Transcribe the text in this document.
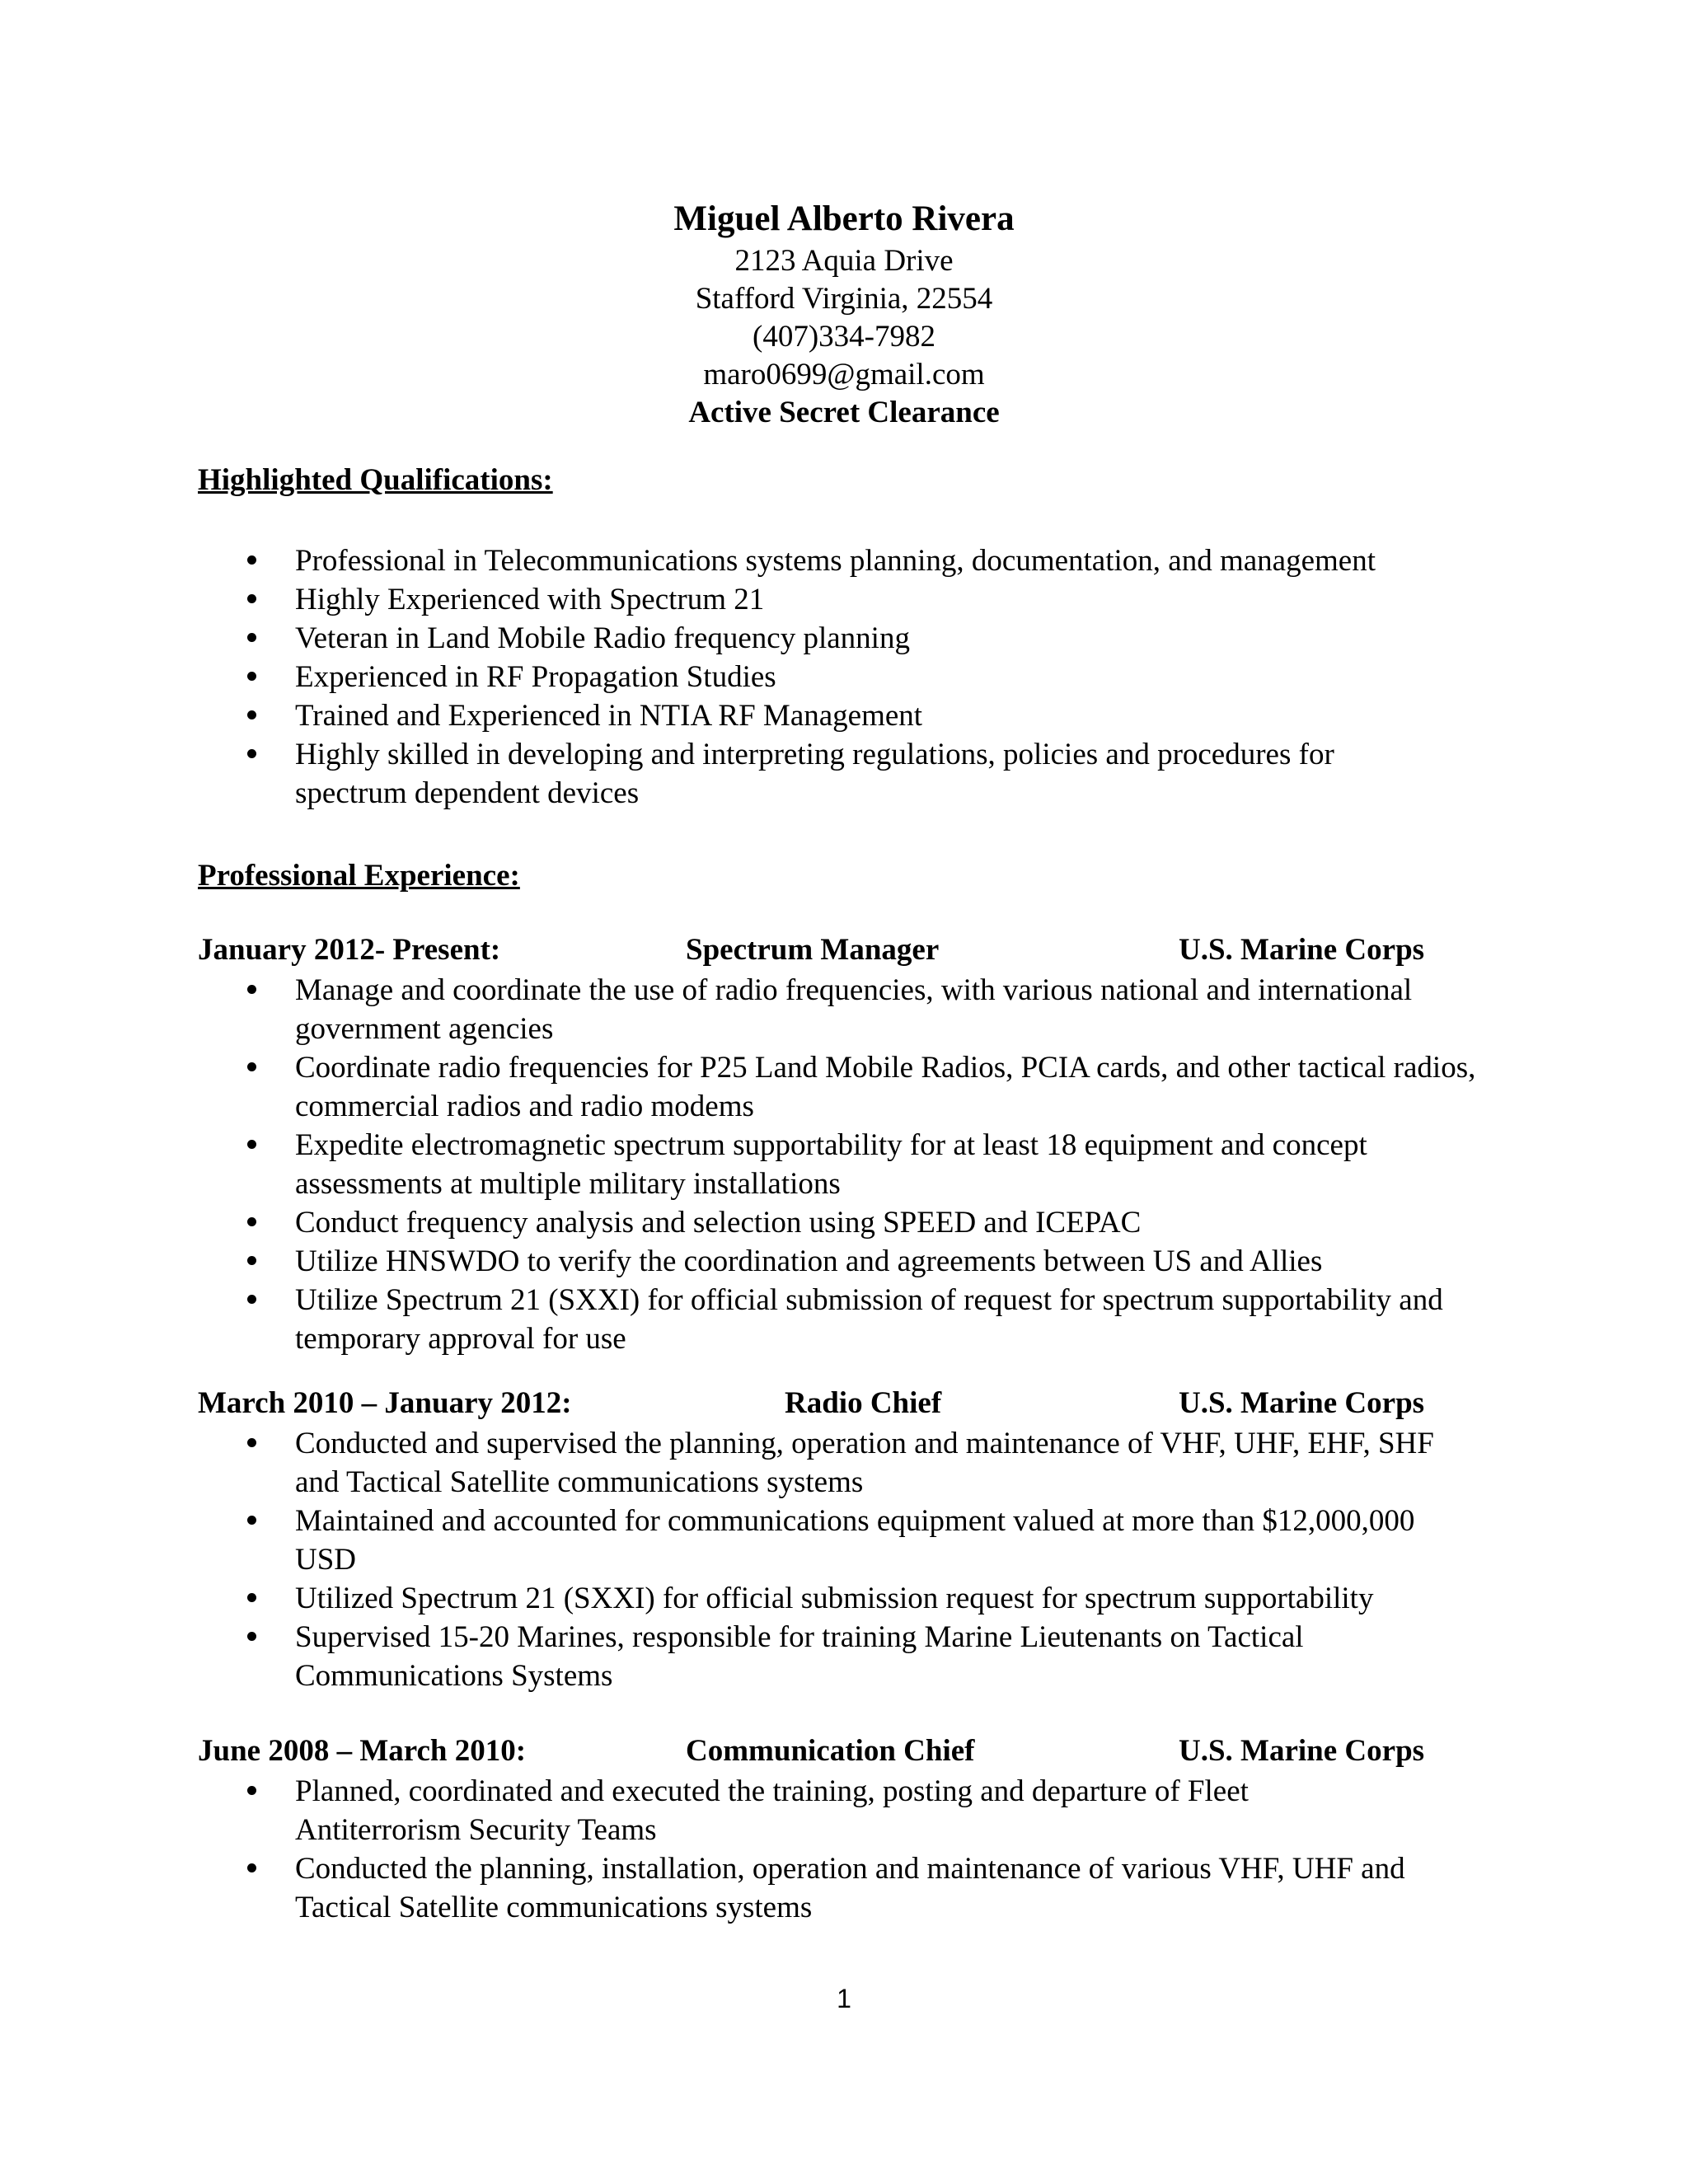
Miguel Alberto Rivera

2123 Aquia Drive

Stafford Virginia, 22554

(407)334-7982

maro0699@gmail.com

Active Secret Clearance

Highlighted Qualifications:

Professional in Telecommunications systems planning, documentation, and management
Highly Experienced with Spectrum 21
Veteran in Land Mobile Radio frequency planning
Experienced in RF Propagation Studies
Trained and Experienced in NTIA RF Management
Highly skilled in developing and interpreting regulations, policies and procedures for spectrum dependent devices

Professional Experience:

January 2012- Present:	Spectrum Manager	U.S. Marine Corps
Manage and coordinate the use of radio frequencies, with various national and international government agencies
Coordinate radio frequencies for P25 Land Mobile Radios, PCIA cards, and other tactical radios, commercial radios and radio modems
Expedite electromagnetic spectrum supportability for at least 18 equipment and concept assessments at multiple military installations
Conduct frequency analysis and selection using SPEED and ICEPAC
Utilize HNSWDO to verify the coordination and agreements between US and Allies
Utilize Spectrum 21 (SXXI) for official submission of request for spectrum supportability and temporary approval for use
March 2010 – January 2012:	Radio Chief	U.S. Marine Corps
Conducted and supervised the planning, operation and maintenance of VHF, UHF, EHF, SHF and Tactical Satellite communications systems
Maintained and accounted for communications equipment valued at more than $12,000,000 USD
Utilized Spectrum 21 (SXXI) for official submission request for spectrum supportability
Supervised 15-20 Marines, responsible for training Marine Lieutenants on Tactical Communications Systems
June 2008 – March 2010:	Communication Chief	U.S. Marine Corps
Planned, coordinated and executed the training, posting and departure of Fleet Antiterrorism Security Teams
Conducted the planning, installation, operation and maintenance of various VHF, UHF and Tactical Satellite communications systems
1
